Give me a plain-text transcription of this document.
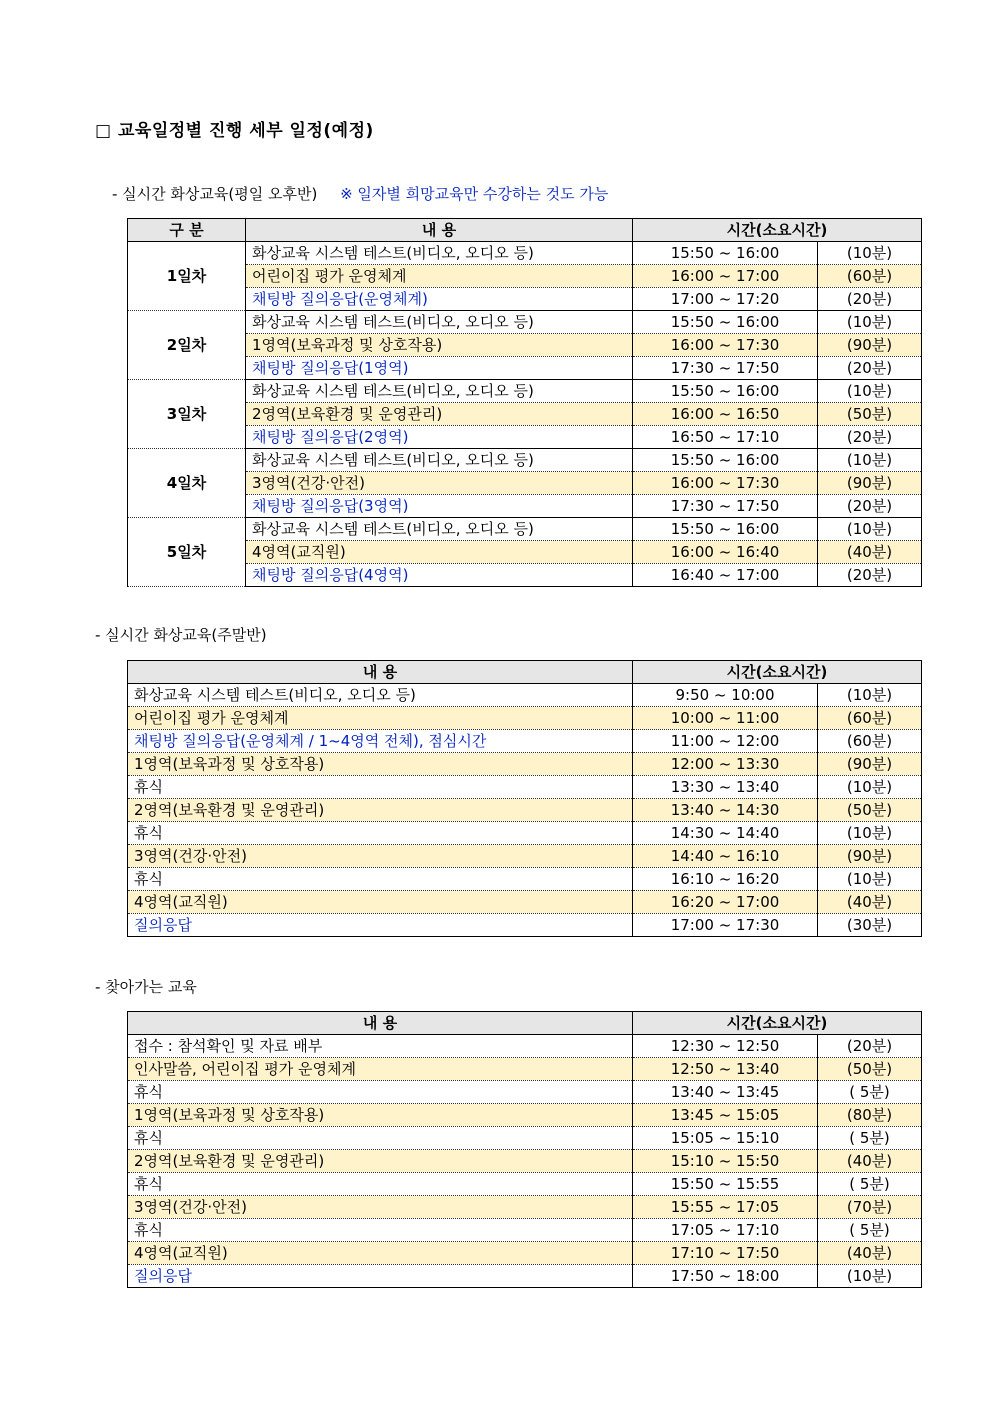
□ 교육일정별 진행 세부 일정(예정)
- 실시간 화상교육(평일 오후반) ※ 일자별 희망교육만 수강하는 것도 가능
구 분	내 용	시간(소요시간)	
1일차	화상교육 시스템 테스트(비디오, 오디오 등)	15:50 ~ 16:00	(10분)
	어린이집 평가 운영체계	16:00 ~ 17:00	(60분)
	채팅방 질의응답(운영체계)	17:00 ~ 17:20	(20분)
2일차	화상교육 시스템 테스트(비디오, 오디오 등)	15:50 ~ 16:00	(10분)
	1영역(보육과정 및 상호작용)	16:00 ~ 17:30	(90분)
	채팅방 질의응답(1영역)	17:30 ~ 17:50	(20분)
3일차	화상교육 시스템 테스트(비디오, 오디오 등)	15:50 ~ 16:00	(10분)
	2영역(보육환경 및 운영관리)	16:00 ~ 16:50	(50분)
	채팅방 질의응답(2영역)	16:50 ~ 17:10	(20분)
4일차	화상교육 시스템 테스트(비디오, 오디오 등)	15:50 ~ 16:00	(10분)
	3영역(건강·안전)	16:00 ~ 17:30	(90분)
	채팅방 질의응답(3영역)	17:30 ~ 17:50	(20분)
5일차	화상교육 시스템 테스트(비디오, 오디오 등)	15:50 ~ 16:00	(10분)
	4영역(교직원)	16:00 ~ 16:40	(40분)
	채팅방 질의응답(4영역)	16:40 ~ 17:00	(20분)
- 실시간 화상교육(주말반)
내 용	시간(소요시간)	
화상교육 시스템 테스트(비디오, 오디오 등)	9:50 ~ 10:00	(10분)
어린이집 평가 운영체계	10:00 ~ 11:00	(60분)
채팅방 질의응답(운영체계 / 1~4영역 전체), 점심시간	11:00 ~ 12:00	(60분)
1영역(보육과정 및 상호작용)	12:00 ~ 13:30	(90분)
휴식	13:30 ~ 13:40	(10분)
2영역(보육환경 및 운영관리)	13:40 ~ 14:30	(50분)
휴식	14:30 ~ 14:40	(10분)
3영역(건강·안전)	14:40 ~ 16:10	(90분)
휴식	16:10 ~ 16:20	(10분)
4영역(교직원)	16:20 ~ 17:00	(40분)
질의응답	17:00 ~ 17:30	(30분)
- 찾아가는 교육
내 용	시간(소요시간)	
접수 : 참석확인 및 자료 배부	12:30 ~ 12:50	(20분)
인사말씀, 어린이집 평가 운영체계	12:50 ~ 13:40	(50분)
휴식	13:40 ~ 13:45	( 5분)
1영역(보육과정 및 상호작용)	13:45 ~ 15:05	(80분)
휴식	15:05 ~ 15:10	( 5분)
2영역(보육환경 및 운영관리)	15:10 ~ 15:50	(40분)
휴식	15:50 ~ 15:55	( 5분)
3영역(건강·안전)	15:55 ~ 17:05	(70분)
휴식	17:05 ~ 17:10	( 5분)
4영역(교직원)	17:10 ~ 17:50	(40분)
질의응답	17:50 ~ 18:00	(10분)
